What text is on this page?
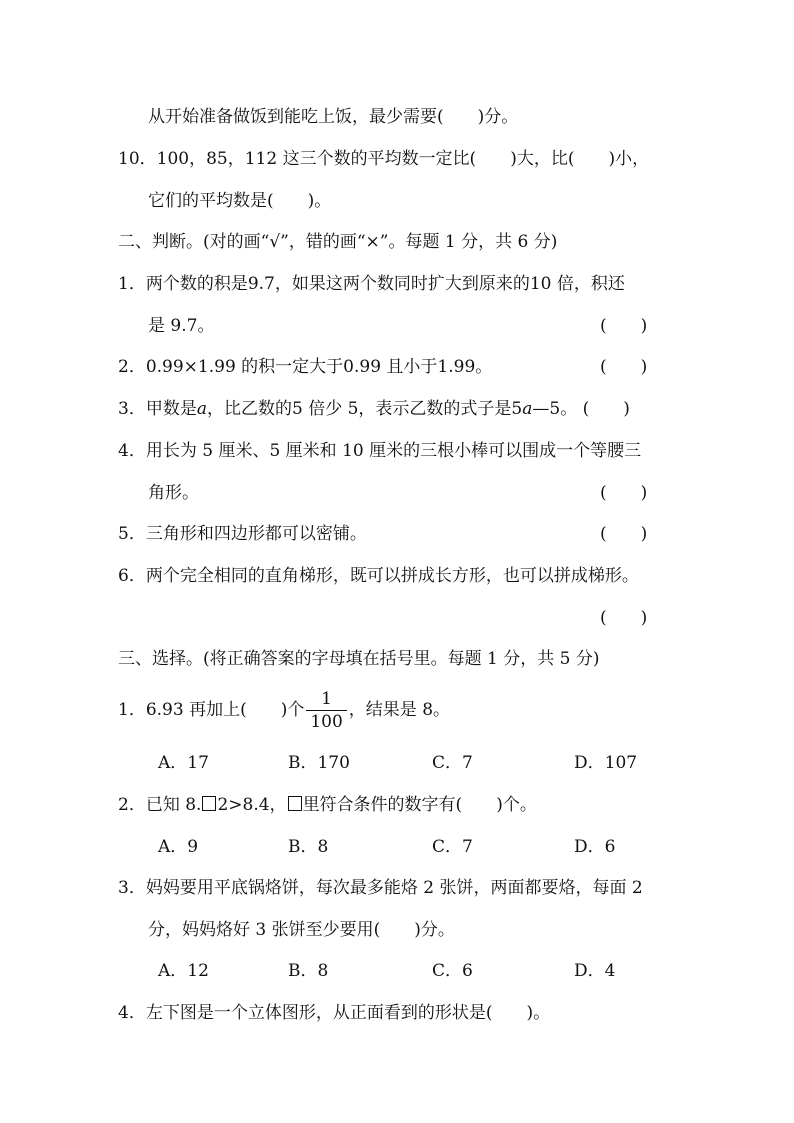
从开始准备做饭到能吃上饭，最少需要(　　)分。
10．100，85，112 这三个数的平均数一定比(　　)大，比(　　)小，
它们的平均数是(　　)。
二、判断。(对的画“√”，错的画“×”。每题 1 分，共 6 分)
1．两个数的积是9.7，如果这两个数同时扩大到原来的10 倍，积还
是 9.7。	(　　)
2．0.99×1.99 的积一定大于0.99 且小于1.99。	(　　)
3．甲数是a，比乙数的5 倍少 5，表示乙数的式子是5a—5。 (　　)
4．用长为 5 厘米、5 厘米和 10 厘米的三根小棒可以围成一个等腰三
角形。	(　　)
5．三角形和四边形都可以密铺。	(　　)
6．两个完全相同的直角梯形，既可以拼成长方形，也可以拼成梯形。
(　　)
三、选择。(将正确答案的字母填在括号里。每题 1 分，共 5 分)
1．6.93 再加上(　　)个 $\frac{1}{100}$ ，结果是 8。
A．17	B．170	C．7	D．107
2．已知 8. 2>8.4， 里符合条件的数字有(　　)个。
A．9	B．8	C．7	D．6
3．妈妈要用平底锅烙饼，每次最多能烙 2 张饼，两面都要烙，每面 2
分，妈妈烙好 3 张饼至少要用(　　)分。
A．12	B．8	C．6	D．4
4．左下图是一个立体图形，从正面看到的形状是(　　)。
